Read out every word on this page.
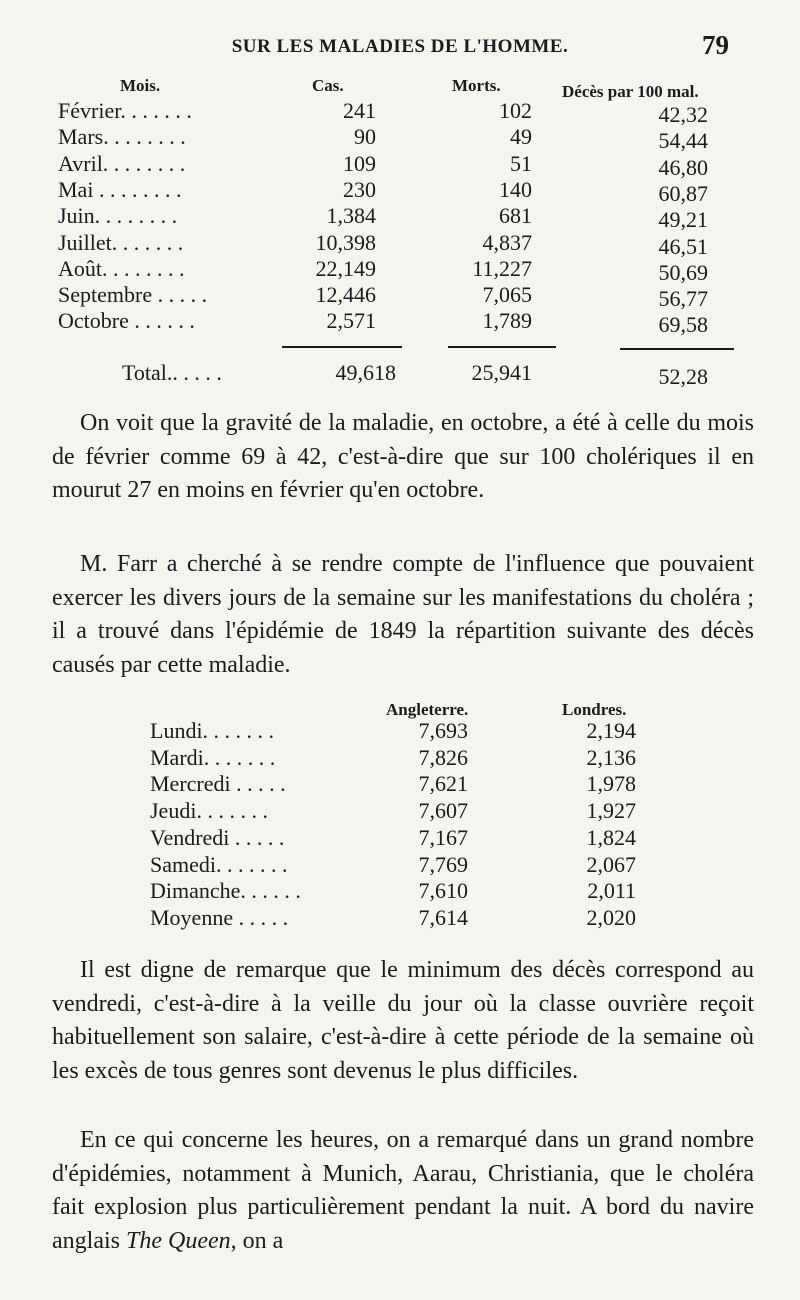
SUR LES MALADIES DE L'HOMME.	79
Mois.	Cas.	Morts.	Décès par 100 mal.
Février. . . . . . .	241	102	42,32
Mars. . . . . . . .	90	49	54,44
Avril. . . . . . . .	109	51	46,80
Mai . . . . . . . .	230	140	60,87
Juin. . . . . . . .	1,384	681	49,21
Juillet. . . . . . .	10,398	4,837	46,51
Août. . . . . . . .	22,149	11,227	50,69
Septembre . . . . .	12,446	7,065	56,77
Octobre . . . . . .	2,571	1,789	69,58
Total.. . . . .	49,618	25,941	52,28
On voit que la gravité de la maladie, en octobre, a été à celle du mois de février comme 69 à 42, c'est-à-dire que sur 100 cholériques il en mourut 27 en moins en février qu'en octobre.
M. Farr a cherché à se rendre compte de l'influence que pouvaient exercer les divers jours de la semaine sur les manifestations du choléra ; il a trouvé dans l'épidémie de 1849 la répartition suivante des décès causés par cette maladie.
Angleterre.	Londres.
Lundi. . . . . . .	7,693	2,194
Mardi. . . . . . .	7,826	2,136
Mercredi . . . . .	7,621	1,978
Jeudi. . . . . . .	7,607	1,927
Vendredi . . . . .	7,167	1,824
Samedi. . . . . . .	7,769	2,067
Dimanche. . . . . .	7,610	2,011
Moyenne . . . . .	7,614	2,020
Il est digne de remarque que le minimum des décès correspond au vendredi, c'est-à-dire à la veille du jour où la classe ouvrière reçoit habituellement son salaire, c'est-à-dire à cette période de la semaine où les excès de tous genres sont devenus le plus difficiles.
En ce qui concerne les heures, on a remarqué dans un grand nombre d'épidémies, notamment à Munich, Aarau, Christiania, que le choléra fait explosion plus particulièrement pendant la nuit. A bord du navire anglais The Queen, on a
